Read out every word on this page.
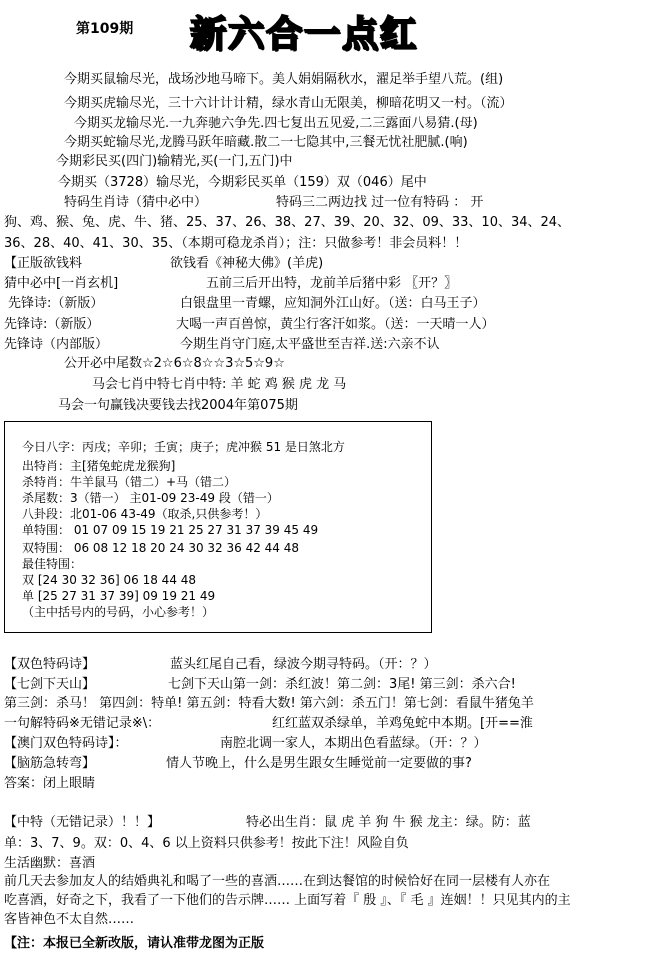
第109期 新六合一点红
今期买鼠输尽光，战场沙地马啼下。美人娟娟隔秋水，濯足举手望八荒。(组)
今期买虎输尽光，三十六计计计精，绿水青山无限美，柳暗花明又一村。（流）
今期买龙输尽光.一九奔驰六争先.四七复出五见爱,二三露面八易猜.(母)
今期买蛇输尽光,龙腾马跃年暗藏.散二一七隐其中,三餐无忧社肥腻.(响)
今期彩民买(四门)输精光,买(一门,五门)中
今期买（3728）输尽光，今期彩民买单（159）双（046）尾中
特码生肖诗（猜中必中）	特码三二两边找 过一位有特码 ： 开
狗、鸡、猴、兔、虎、牛、猪、25、37、26、38、27、39、20、32、09、33、10、34、24、
36、28、40、41、30、35、（本期可稳龙杀肖）；注：只做参考！非会员料！！
【正版欲钱料	欲钱看《神秘大佛》(羊虎)
猜中必中[一肖玄机]	五前三后开出特，龙前羊后猪中彩 〖开？〗
先锋诗:（新版）	白银盘里一青螺，应知洞外江山好。（送：白马王子）
先锋诗:（新版）	大喝一声百兽惊，黄尘行客汗如浆。（送：一天晴一人）
先锋诗（内部版）	今期生肖守门庭,太平盛世至吉祥.送:六亲不认
公开必中尾数☆2☆6☆8☆☆3☆5☆9☆
马会七肖中特七肖中特: 羊 蛇 鸡 猴 虎 龙 马
马会一句赢钱决要钱去找2004年第075期
今日八字：丙戌；辛卯；壬寅；庚子；虎冲猴 51 是日煞北方
出特肖：主[猪兔蛇虎龙猴狗]
杀特肖：牛羊鼠马（错二）+马（错二）
杀尾数：3（错一） 主01-09 23-49 段（错一）
八卦段：北01-06 43-49（取杀,只供参考！）
单特围： 01 07 09 15 19 21 25 27 31 37 39 45 49
双特围： 06 08 12 18 20 24 30 32 36 42 44 48
最佳特围：
双 [24 30 32 36] 06 18 44 48
单 [25 27 31 37 39] 09 19 21 49
（主中括号内的号码，小心参考！）
【双色特码诗】	蓝头红尾自己看，绿波今期寻特码。（开：？）
【七剑下天山】	七剑下天山第一剑：杀红波！第二剑：3尾! 第三剑：杀六合!
第三剑：杀马！ 第四剑：特单! 第五剑：特看大数! 第六剑：杀五门！第七剑：看鼠牛猪兔羊
一句解特码※无错记录※\：	红红蓝双杀绿单，羊鸡兔蛇中本期。[开==淮
【澳门双色特码诗】：	南腔北调一家人，本期出色看蓝绿。（开：？）
【脑筋急转弯】	情人节晚上，什么是男生跟女生睡觉前一定要做的事?
答案：闭上眼睛
【中特（无错记录）！！】	特必出生肖：鼠 虎 羊 狗 牛 猴 龙主：绿。防：蓝
单：3、7、9。双：0、4、6 以上资料只供参考！按此下注！风险自负
生活幽默：喜酒
前几天去参加友人的结婚典礼和喝了一些的喜酒……在到达餐馆的时候恰好在同一层楼有人亦在
吃喜酒，好奇之下，我看了一下他们的告示牌…… 上面写着『 殷 』、『 毛 』连姻！！只见其内的主
客皆神色不太自然……
【注：本报已全新改版，请认准带龙图为正版
